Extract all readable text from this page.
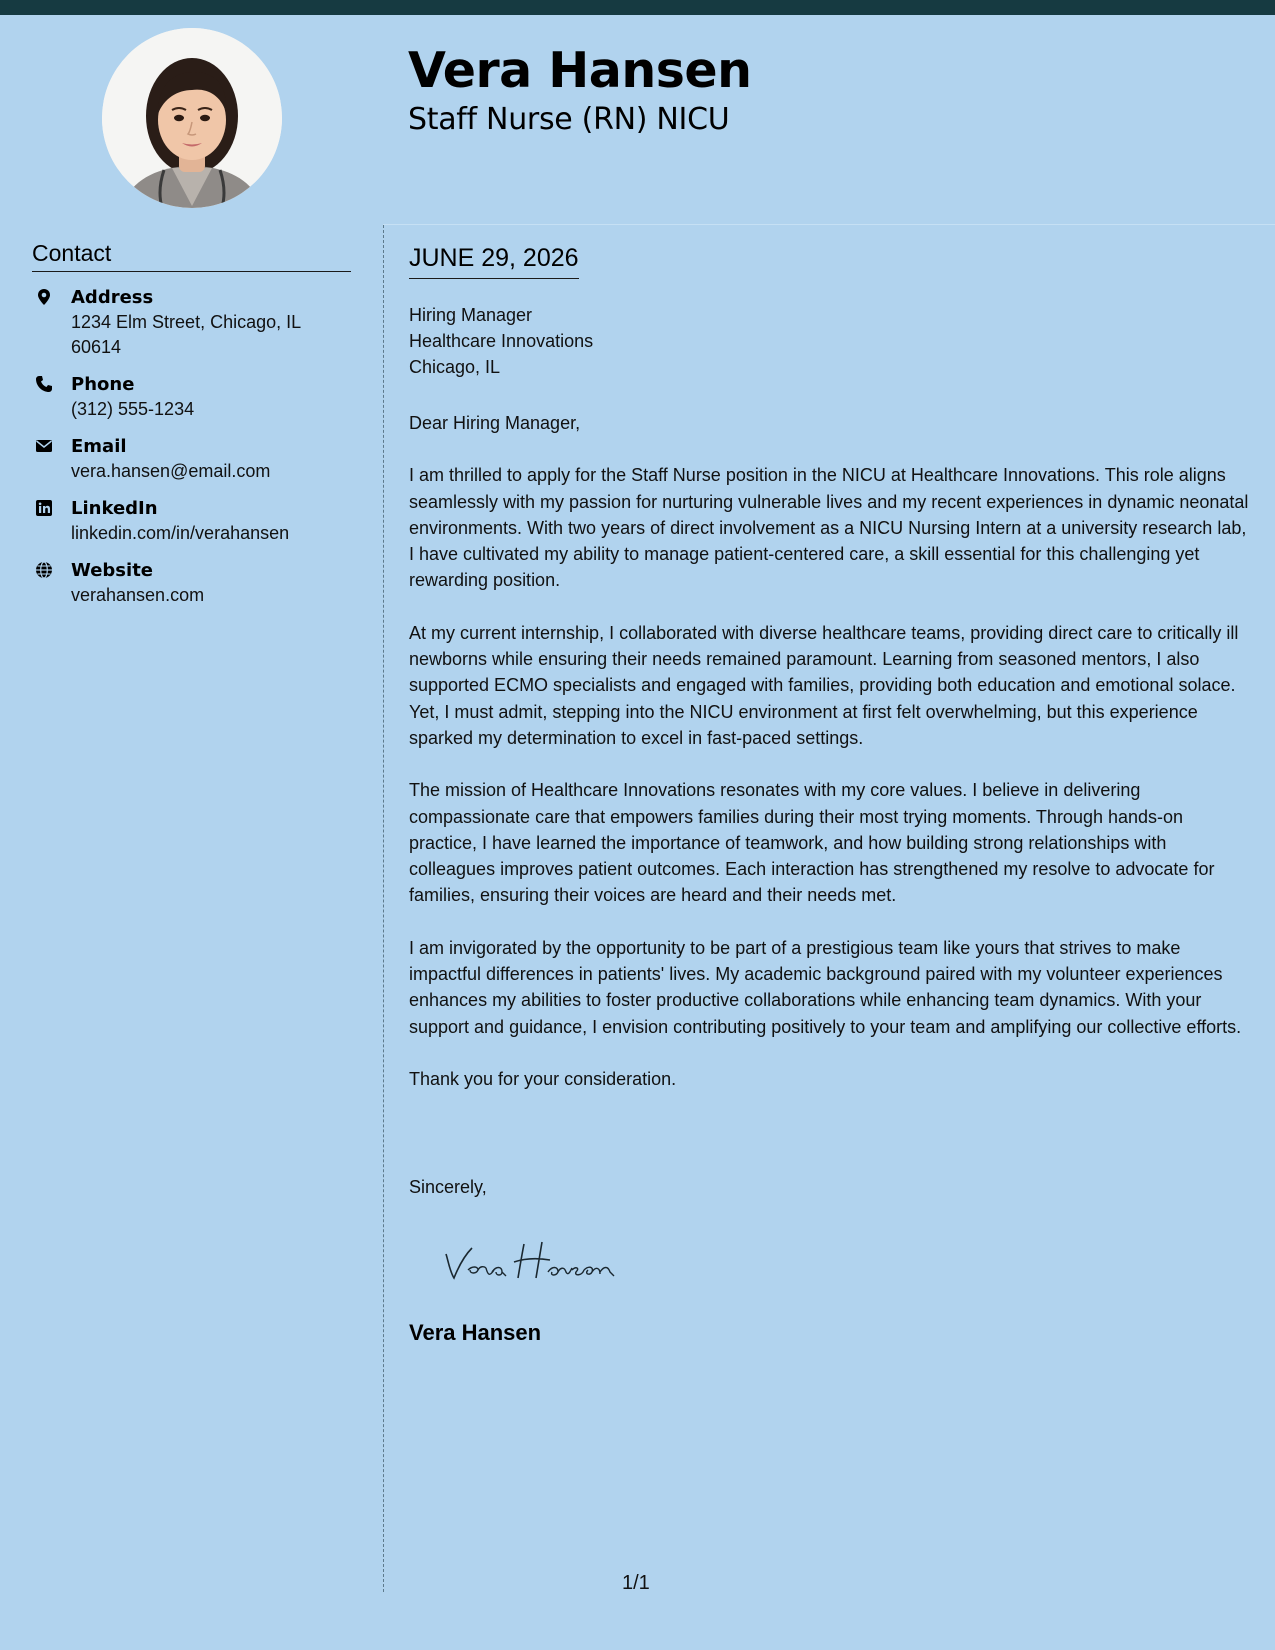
Vera Hansen
Staff Nurse (RN) NICU
Contact
Address
1234 Elm Street, Chicago, IL 60614
Phone
(312) 555-1234
Email
vera.hansen@email.com
LinkedIn
linkedin.com/in/verahansen
Website
verahansen.com
JUNE 29, 2026
Hiring Manager
Healthcare Innovations
Chicago, IL

Dear Hiring Manager,

I am thrilled to apply for the Staff Nurse position in the NICU at Healthcare Innovations. This role aligns seamlessly with my passion for nurturing vulnerable lives and my recent experiences in dynamic neonatal environments. With two years of direct involvement as a NICU Nursing Intern at a university research lab, I have cultivated my ability to manage patient-centered care, a skill essential for this challenging yet rewarding position.

At my current internship, I collaborated with diverse healthcare teams, providing direct care to critically ill newborns while ensuring their needs remained paramount. Learning from seasoned mentors, I also supported ECMO specialists and engaged with families, providing both education and emotional solace. Yet, I must admit, stepping into the NICU environment at first felt overwhelming, but this experience sparked my determination to excel in fast-paced settings.

The mission of Healthcare Innovations resonates with my core values. I believe in delivering compassionate care that empowers families during their most trying moments. Through hands-on practice, I have learned the importance of teamwork, and how building strong relationships with colleagues improves patient outcomes. Each interaction has strengthened my resolve to advocate for families, ensuring their voices are heard and their needs met.

I am invigorated by the opportunity to be part of a prestigious team like yours that strives to make impactful differences in patients' lives. My academic background paired with my volunteer experiences enhances my abilities to foster productive collaborations while enhancing team dynamics. With your support and guidance, I envision contributing positively to your team and amplifying our collective efforts.

Thank you for your consideration.

Sincerely,
Vera Hansen
1/1
